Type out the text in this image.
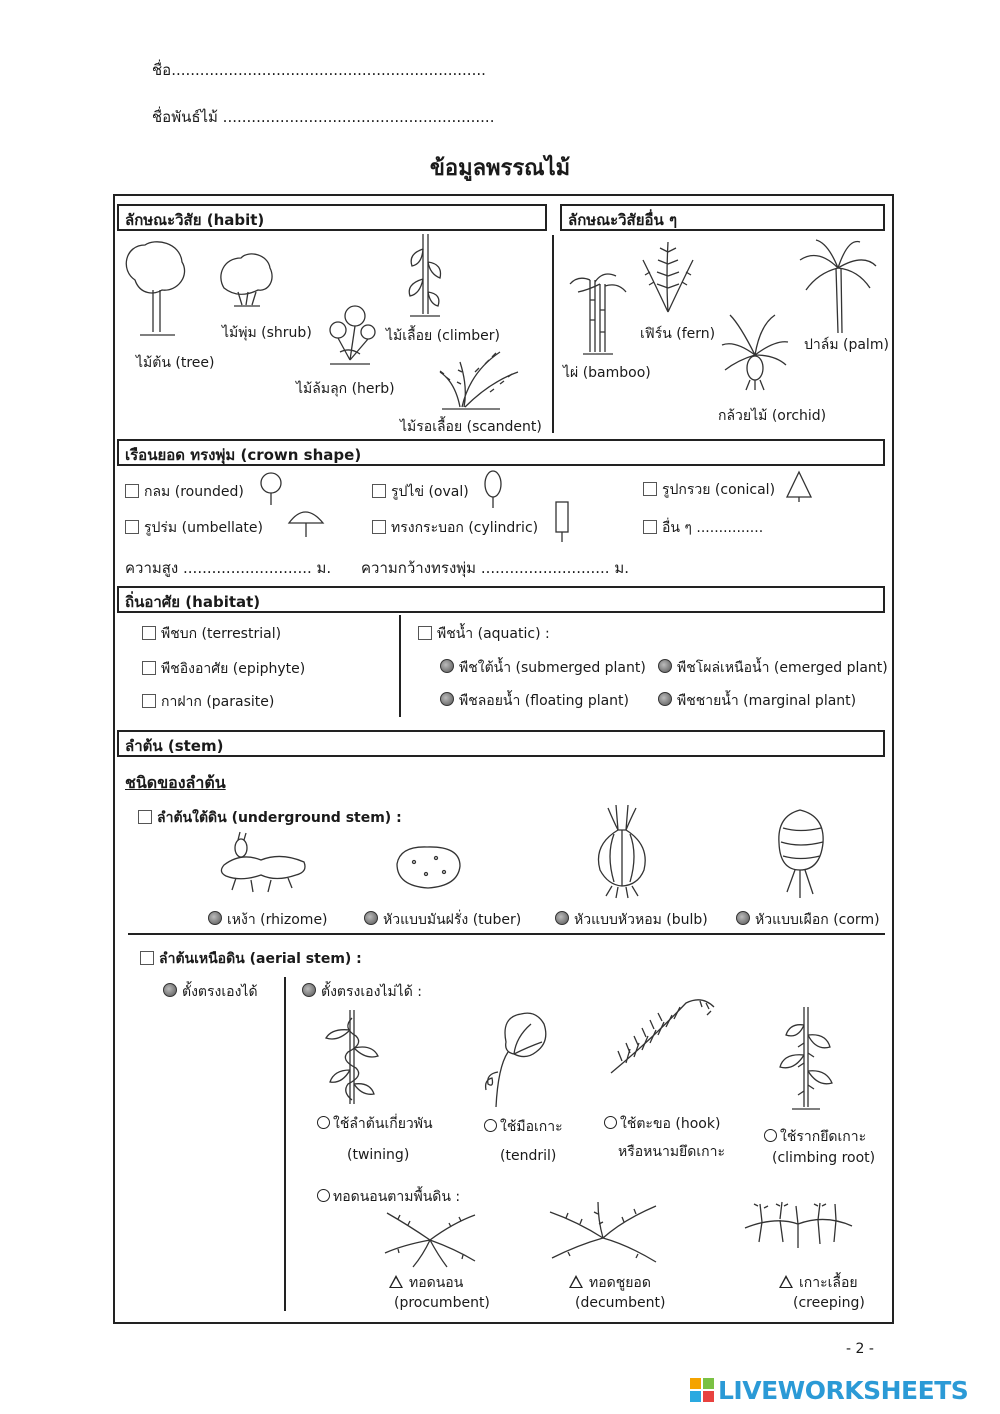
ชื่อ..................................................................
ชื่อพันธ์ไม้ .........................................................
ข้อมูลพรรณไม้
ลักษณะวิสัย (habit)	ลักษณะวิสัยอื่น ๆ
ไม้ต้น (tree)
ไม้พุ่ม (shrub)
ไม้ล้มลุก (herb)
ไม้เลื้อย (climber)
ไม้รอเลื้อย (scandent)
ไผ่ (bamboo)
เฟิร์น (fern)
กล้วยไม้ (orchid)
ปาล์ม (palm)
เรือนยอด ทรงพุ่ม (crown shape)
กลม (rounded)	รูปไข่ (oval)	รูปกรวย (conical)
รูปร่ม (umbellate)	ทรงกระบอก (cylindric)	อื่น ๆ ...............
ความสูง ........................... ม. ความกว้างทรงพุ่ม ........................... ม.
ถิ่นอาศัย (habitat)
พืชบก (terrestrial)
พืชอิงอาศัย (epiphyte)
กาฝาก (parasite)
พืชน้ำ (aquatic) :
พืชใต้น้ำ (submerged plant)	พืชโผล่เหนือน้ำ (emerged plant)
พืชลอยน้ำ (floating plant)	พืชชายน้ำ (marginal plant)
ลำต้น (stem)
ชนิดของลำต้น
ลำต้นใต้ดิน (underground stem) :
เหง้า (rhizome)	หัวแบบมันฝรั่ง (tuber)	หัวแบบหัวหอม (bulb)	หัวแบบเผือก (corm)
ลำต้นเหนือดิน (aerial stem) :
ตั้งตรงเองได้	ตั้งตรงเองไม่ได้ :
ใช้ลำต้นเกี่ยวพัน
(twining)
ใช้มือเกาะ
(tendril)
ใช้ตะขอ (hook)
หรือหนามยึดเกาะ
ใช้รากยึดเกาะ
(climbing root)
ทอดนอนตามพื้นดิน :
ทอดนอน
(procumbent)
ทอดชูยอด
(decumbent)
เกาะเลื้อย
(creeping)
- 2 -
LIVEWORKSHEETS
